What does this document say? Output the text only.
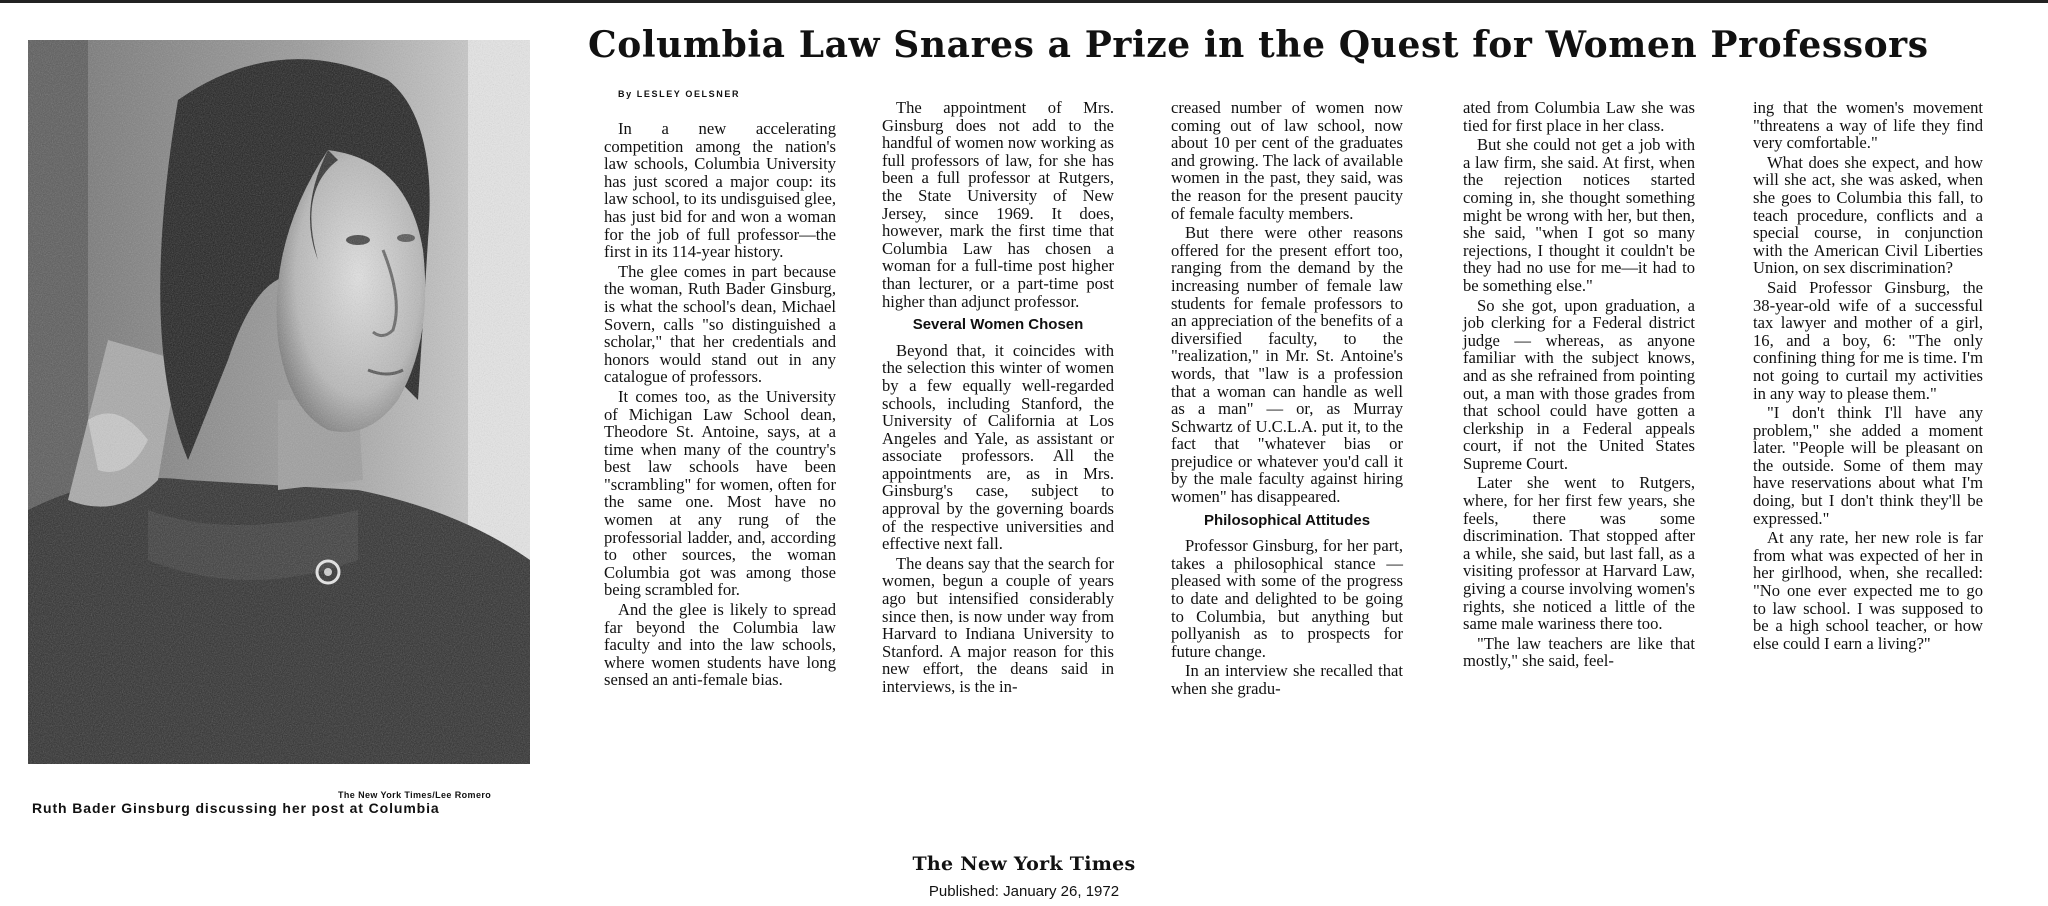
Columbia Law Snares a Prize in the Quest for Women Professors
The New York Times/Lee Romero
Ruth Bader Ginsburg discussing her post at Columbia
By LESLEY OELSNER

In a new accelerating competition among the nation's law schools, Columbia University has just scored a major coup: its law school, to its undisguised glee, has just bid for and won a woman for the job of full professor—the first in its 114-year history.

The glee comes in part because the woman, Ruth Bader Ginsburg, is what the school's dean, Michael Sovern, calls "so distinguished a scholar," that her credentials and honors would stand out in any catalogue of professors.

It comes too, as the University of Michigan Law School dean, Theodore St. Antoine, says, at a time when many of the country's best law schools have been "scrambling" for women, often for the same one. Most have no women at any rung of the professorial ladder, and, according to other sources, the woman Columbia got was among those being scrambled for.

And the glee is likely to spread far beyond the Columbia law faculty and into the law schools, where women students have long sensed an anti-female bias.

The appointment of Mrs. Ginsburg does not add to the handful of women now working as full professors of law, for she has been a full professor at Rutgers, the State University of New Jersey, since 1969. It does, however, mark the first time that Columbia Law has chosen a woman for a full-time post higher than lecturer, or a part-time post higher than adjunct professor.

Several Women Chosen

Beyond that, it coincides with the selection this winter of women by a few equally well-regarded schools, including Stanford, the University of California at Los Angeles and Yale, as assistant or associate professors. All the appointments are, as in Mrs. Ginsburg's case, subject to approval by the governing boards of the respective universities and effective next fall.

The deans say that the search for women, begun a couple of years ago but intensified considerably since then, is now under way from Harvard to Indiana University to Stanford. A major reason for this new effort, the deans said in interviews, is the in-

creased number of women now coming out of law school, now about 10 per cent of the graduates and growing. The lack of available women in the past, they said, was the reason for the present paucity of female faculty members.

But there were other reasons offered for the present effort too, ranging from the demand by the increasing number of female law students for female professors to an appreciation of the benefits of a diversified faculty, to the "realization," in Mr. St. Antoine's words, that "law is a profession that a woman can handle as well as a man" — or, as Murray Schwartz of U.C.L.A. put it, to the fact that "whatever bias or prejudice or whatever you'd call it by the male faculty against hiring women" has disappeared.

Philosophical Attitudes

Professor Ginsburg, for her part, takes a philosophical stance — pleased with some of the progress to date and delighted to be going to Columbia, but anything but pollyanish as to prospects for future change.

In an interview she recalled that when she gradu-

ated from Columbia Law she was tied for first place in her class.

But she could not get a job with a law firm, she said. At first, when the rejection notices started coming in, she thought something might be wrong with her, but then, she said, "when I got so many rejections, I thought it couldn't be they had no use for me—it had to be something else."

So she got, upon graduation, a job clerking for a Federal district judge — whereas, as anyone familiar with the subject knows, and as she refrained from pointing out, a man with those grades from that school could have gotten a clerkship in a Federal appeals court, if not the United States Supreme Court.

Later she went to Rutgers, where, for her first few years, she feels, there was some discrimination. That stopped after a while, she said, but last fall, as a visiting professor at Harvard Law, giving a course involving women's rights, she noticed a little of the same male wariness there too.

"The law teachers are like that mostly," she said, feel-

ing that the women's movement "threatens a way of life they find very comfortable."

What does she expect, and how will she act, she was asked, when she goes to Columbia this fall, to teach procedure, conflicts and a special course, in conjunction with the American Civil Liberties Union, on sex discrimination?

Said Professor Ginsburg, the 38-year-old wife of a successful tax lawyer and mother of a girl, 16, and a boy, 6: "The only confining thing for me is time. I'm not going to curtail my activities in any way to please them."

"I don't think I'll have any problem," she added a moment later. "People will be pleasant on the outside. Some of them may have reservations about what I'm doing, but I don't think they'll be expressed."

At any rate, her new role is far from what was expected of her in her girlhood, when, she recalled: "No one ever expected me to go to law school. I was supposed to be a high school teacher, or how else could I earn a living?"

The New York Times
Published: January 26, 1972
